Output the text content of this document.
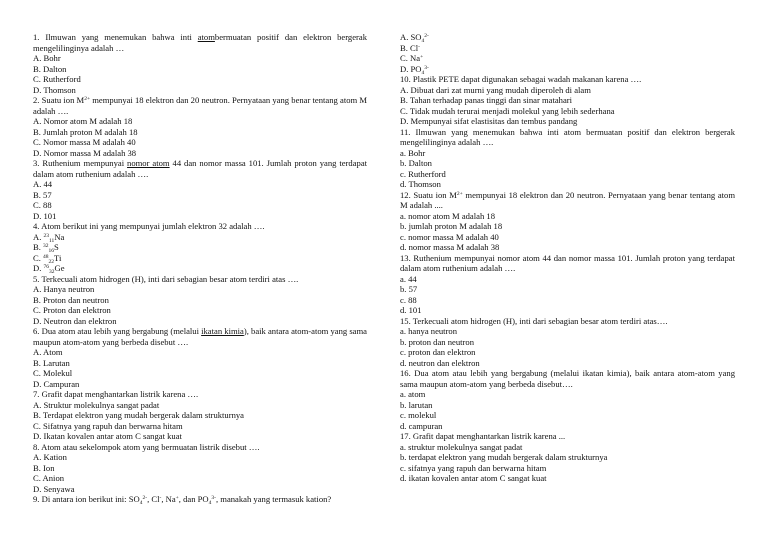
1. Ilmuwan yang menemukan bahwa inti atombermuatan positif dan elektron bergerak mengelilinginya adalah …
A. Bohr
B. Dalton
C. Rutherford
D. Thomson
2. Suatu ion $M^{2+}$ mempunyai 18 elektron dan 20 neutron. Pernyataan yang benar tentang atom M adalah ….
A. Nomor atom M adalah 18
B. Jumlah proton M adalah 18
C. Nomor massa M adalah 40
D. Nomor massa M adalah 38
3. Ruthenium mempunyai nomor atom 44 dan nomor massa 101. Jumlah proton yang terdapat dalam atom ruthenium adalah ….
A. 44
B. 57
C. 88
D. 101
4. Atom berikut ini yang mempunyai jumlah elektron 32 adalah ….
A. $^{23}_{11}$Na
B. $^{32}_{16}$S
C. $^{48}_{22}$Ti
D. $^{76}_{32}$Ge
5. Terkecuali atom hidrogen (H), inti dari sebagian besar atom terdiri atas ….
A. Hanya neutron
B. Proton dan neutron
C. Proton dan elektron
D. Neutron dan elektron
6. Dua atom atau lebih yang bergabung (melalui ikatan kimia), baik antara atom-atom yang sama maupun atom-atom yang berbeda disebut ….
A. Atom
B. Larutan
C. Molekul
D. Campuran
7. Grafit dapat menghantarkan listrik karena ….
A. Struktur molekulnya sangat padat
B. Terdapat elektron yang mudah bergerak dalam strukturnya
C. Sifatnya yang rapuh dan berwarna hitam
D. Ikatan kovalen antar atom C sangat kuat
8. Atom atau sekelompok atom yang bermuatan listrik disebut ….
A. Kation
B. Ion
C. Anion
D. Senyawa
9. Di antara ion berikut ini: $SO_4^{2-}$, Cl-, Na+, dan $PO_4^{3-}$, manakah yang termasuk kation?
A. $SO_4^{2-}$
B. Cl-
C. Na+
D. $PO_4^{3-}$
10. Plastik PETE dapat digunakan sebagai wadah makanan karena ….
A. Dibuat dari zat murni yang mudah diperoleh di alam
B. Tahan terhadap panas tinggi dan sinar matahari
C. Tidak mudah terurai menjadi molekul yang lebih sederhana
D. Mempunyai sifat elastisitas dan tembus pandang
11. Ilmuwan yang menemukan bahwa inti atom bermuatan positif dan elektron bergerak mengelilinginya adalah ….
a. Bohr
b. Dalton
c. Rutherford
d. Thomson
12. Suatu ion $M^{2+}$ mempunyai 18 elektron dan 20 neutron. Pernyataan yang benar tentang atom M adalah ....
a. nomor atom M adalah 18
b. jumlah proton M adalah 18
c. nomor massa M adalah 40
d. nomor massa M adalah 38
13. Ruthenium mempunyai nomor atom 44 dan nomor massa 101. Jumlah proton yang terdapat dalam atom ruthenium adalah ….
a. 44
b. 57
c. 88
d. 101
15. Terkecuali atom hidrogen (H), inti dari sebagian besar atom terdiri atas….
a. hanya neutron
b. proton dan neutron
c. proton dan elektron
d. neutron dan elektron
16. Dua atom atau lebih yang bergabung (melalui ikatan kimia), baik antara atom-atom yang sama maupun atom-atom yang berbeda disebut….
a. atom
b. larutan
c. molekul
d. campuran
17. Grafit dapat menghantarkan listrik karena ...
a. struktur molekulnya sangat padat
b. terdapat elektron yang mudah bergerak dalam strukturnya
c. sifatnya yang rapuh dan berwarna hitam
d. ikatan kovalen antar atom C sangat kuat
